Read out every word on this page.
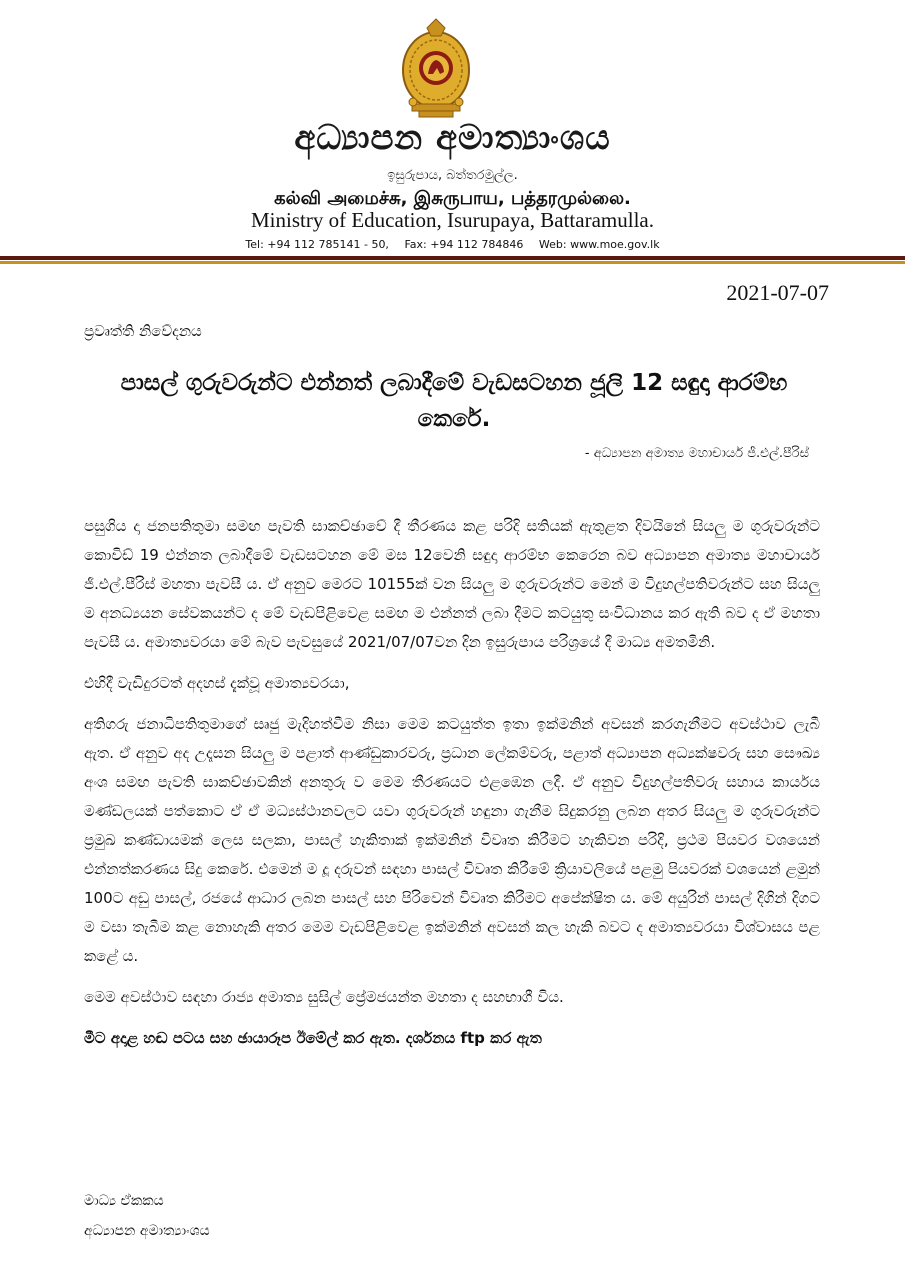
අධ්‍යාපන අමාත්‍යාංශය
ඉසුරුපාය, බත්තරමුල්ල.
கல்வி அமைச்சு, இசுருபாய, பத்தரமுல்லை.
Ministry of Education, Isurupaya, Battaramulla.
Tel: +94 112 785141 - 50, Fax: +94 112 784846 Web: www.moe.gov.lk
2021-07-07
ප්‍රවෘත්ති නිවේදනය
පාසල් ගුරුවරුන්ට එන්නත් ලබාදීමේ වැඩසටහන ජූලි 12 සඳුදා ආරම්භ කෙරේ.
- අධ්‍යාපන අමාත්‍ය මහාචාර්ය ජී.එල්.පීරිස්

පසුගිය දා ජනපතිතුමා සමඟ පැවති සාකච්ඡාවේ දී තීරණය කළ පරිදි සතියක් ඇතුළත දිවයිනේ සියලු ම ගුරුවරුන්ට කොවිඩ් 19 එන්නත ලබාදීමේ වැඩසටහන මේ මස 12වෙනි සඳුදා ආරම්භ කෙරෙන බව අධ්‍යාපන අමාත්‍ය මහාචාර්ය ජී.එල්.පීරිස් මහතා පැවසී ය. ඒ අනුව මෙරට 10155ක් වන සියලු ම ගුරුවරුන්ට මෙන් ම විදුහල්පතිවරුන්ට සහ සියලු ම අනධ්‍යයන සේවකයන්ට ද මේ වැඩපිළිවෙළ සමඟ ම එන්නත් ලබා දීමට කටයුතු සංවිධානය කර ඇති බව ද ඒ මහතා පැවසී ය. අමාත්‍යවරයා මේ බැව පැවසුයේ 2021/07/07වන දින ඉසුරුපාය පරිශ්‍රයේ දී මාධ්‍ය අමතමිනි.

එහිදී වැඩිදුරටත් අදහස් දැක්වූ අමාත්‍යවරයා,

අතිගරු ජනාධිපතිතුමාගේ සෘජු මැදිහත්වීම නිසා මෙම කටයුත්ත ඉතා ඉක්මනින් අවසන් කරගැනීමට අවස්ථාව ලැබී ඇත. ඒ අනුව අද උදෑසන සියලු ම පළාත් ආණ්ඩුකාරවරු, ප්‍රධාන ලේකම්වරු, පළාත් අධ්‍යාපන අධ්‍යක්ෂවරු සහ සෞඛ්‍ය අංශ සමඟ පැවති සාකච්ඡාවකින් අනතුරු ව මෙම තීරණයට එළඹෙන ලදී. ඒ අනුව විදුහල්පතිවරු සහාය කාර්යය මණ්ඩලයක් පත්කොට ඒ ඒ මධ්‍යස්ථානවලට යවා ගුරුවරුන් හඳුනා ගැනීම සිදුකරනු ලබන අතර සියලු ම ගුරුවරුන්ට ප්‍රමුඛ කණ්ඩායමක් ලෙස සලකා, පාසල් හැකිතාක් ඉක්මනින් විවෘත කිරීමට හැකිවන පරිදි, ප්‍රථම පියවර වශයෙන් එන්නත්කරණය සිදු කෙරේ. එමෙන් ම දූ දරුවන් සඳහා පාසල් විවෘත කිරීමේ ක්‍රියාවලියේ පළමු පියවරක් වශයෙන් ළමුන් 100ට අඩු පාසල්, රජයේ ආධාර ලබන පාසල් සහ පිරිවෙන් විවෘත කිරීමට අපේක්ෂිත ය. මේ අයුරින් පාසල් දිගින් දිගට ම වසා තැබීම කළ නොහැකි අතර මෙම වැඩපිළිවෙළ ඉක්මනින් අවසන් කල හැකි බවට ද අමාත්‍යවරයා විශ්වාසය පළ කළේ ය.

මෙම අවස්ථාව සඳහා රාජ්‍ය අමාත්‍ය සුසිල් ප්‍රේමජයන්ත මහතා ද සහභාගී විය.

මීට අදාළ හඬ පටය සහ ඡායාරූප ඊමේල් කර ඇත. දර්ශනය ftp කර ඇත

මාධ්‍ය ඒකකය
අධ්‍යාපන අමාත්‍යාංශය
